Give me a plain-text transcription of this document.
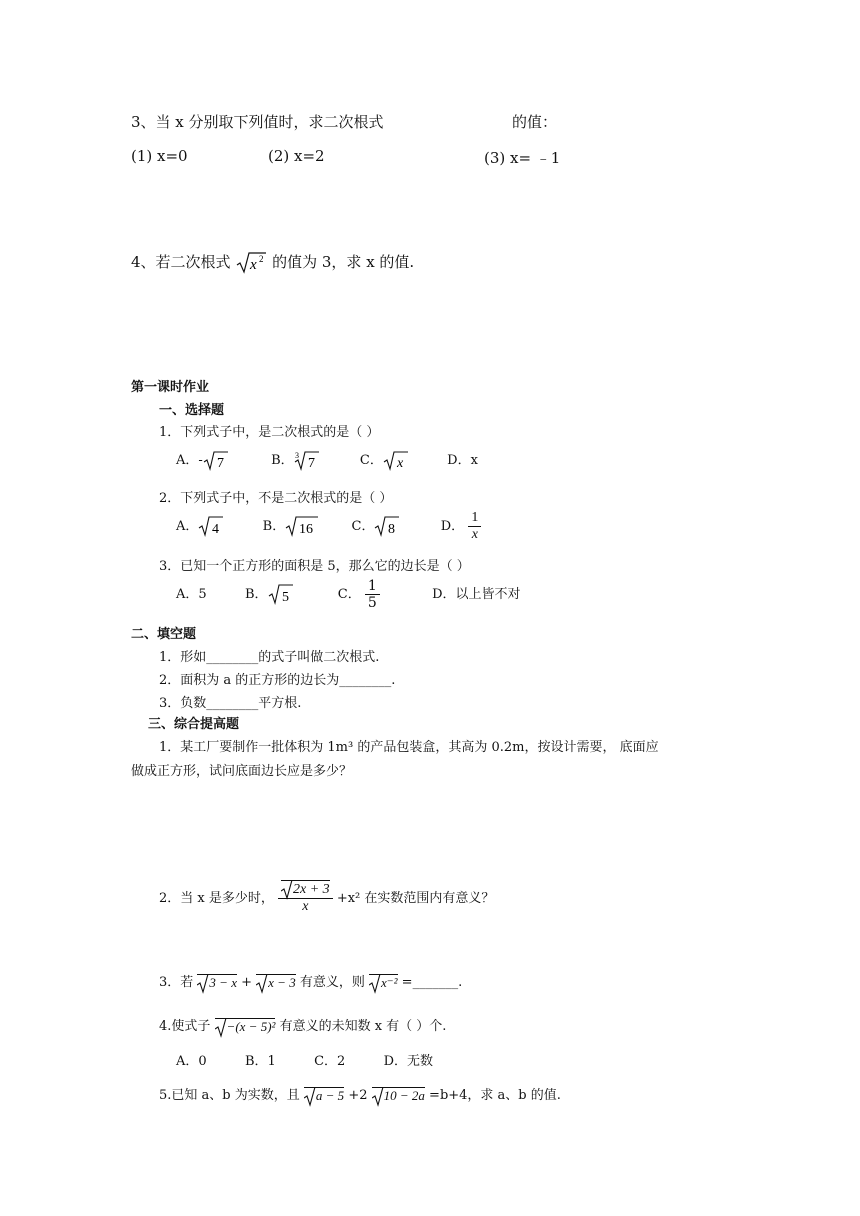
3、当 x 分别取下列值时，求二次根式	的值：
(1) x=0	(2) x=2	(3) x= ﹣1
4、若二次根式 x 2 的值为 3，求 x 的值.
第一课时作业
一、选择题
1．下列式子中，是二次根式的是（ ）
A．- 7	B． 3
7	C． x	D．x
2．下列式子中，不是二次根式的是（ ）
A． 4	B． 16	C． 8	D． $\frac{1}{x}$
3．已知一个正方形的面积是 5，那么它的边长是（ ）
A．5	B． 5	C． $\frac{1}{5}$	D．以上皆不对
二、填空题
1．形如________的式子叫做二次根式.
2．面积为 a 的正方形的边长为________.
3．负数________平方根.
三、综合提高题
1．某工厂要制作一批体积为 1m³ 的产品包装盒，其高为 0.2m，按设计需要， 底面应
做成正方形，试问底面边长应是多少？
2．当 x 是多少时， $\frac{2x + 3}{x} +x^2$ 在实数范围内有意义？
3．若 3 − x + x − 3 有意义，则 x⁻² =_______.
4.使式子 −(x − 5)² 有意义的未知数 x 有（ ）个.
A．0	B．1	C．2	D．无数
5.已知 a、b 为实数，且 a − 5 +2 10 − 2a =b+4，求 a、b 的值.
